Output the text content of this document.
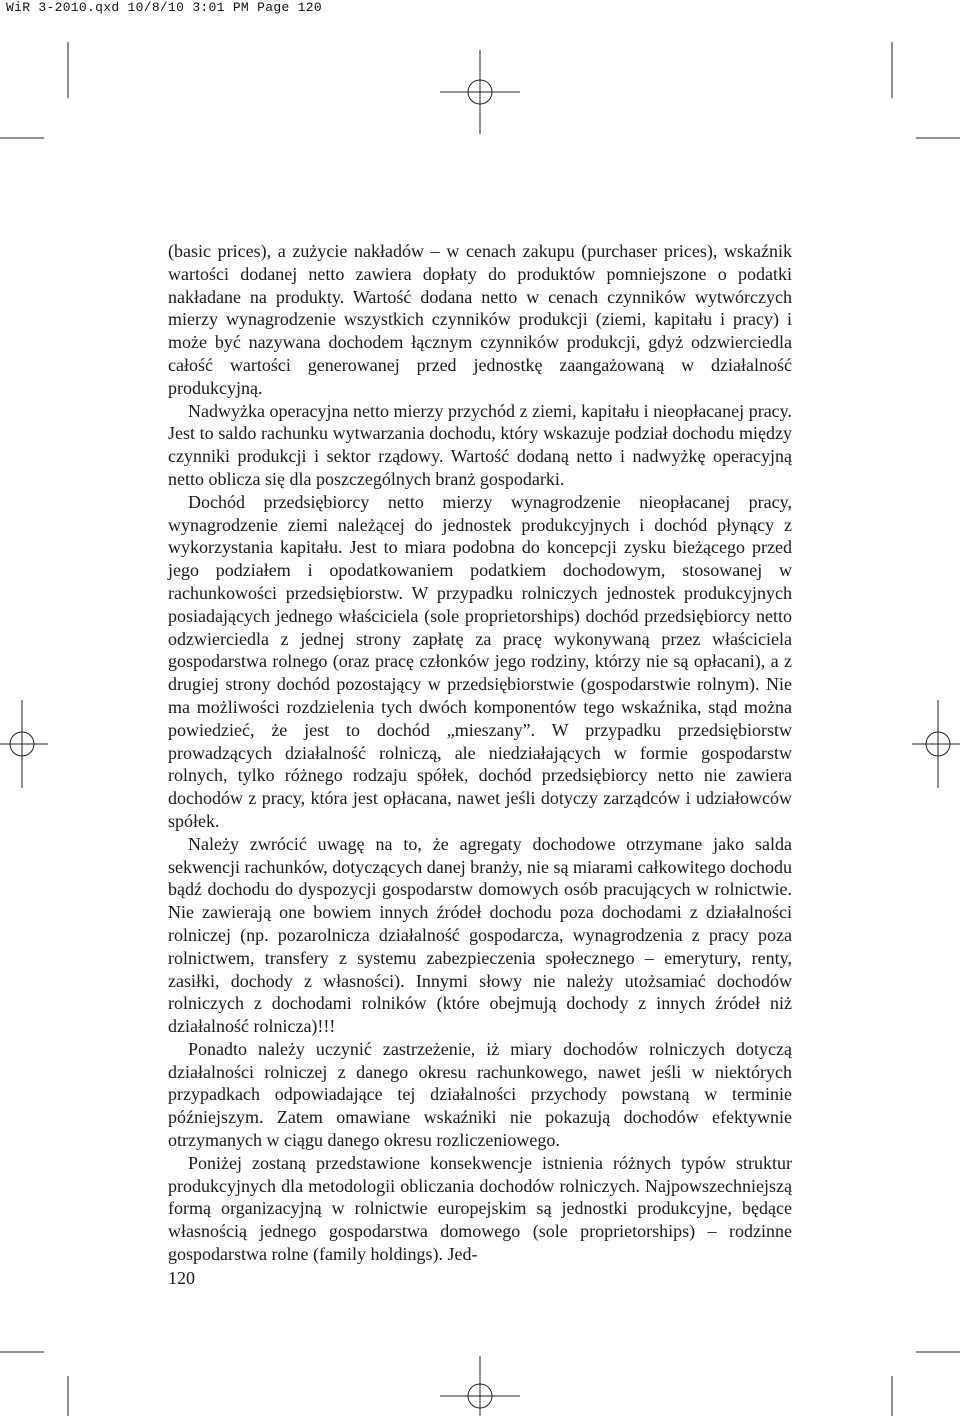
WiR 3-2010.qxd 10/8/10 3:01 PM Page 120

(basic prices), a zużycie nakładów – w cenach zakupu (purchaser prices), wskaźnik wartości dodanej netto zawiera dopłaty do produktów pomniejszone o podatki nakładane na produkty. Wartość dodana netto w cenach czynników wytwórczych mierzy wynagrodzenie wszystkich czynników produkcji (ziemi, kapitału i pracy) i może być nazywana dochodem łącznym czynników produkcji, gdyż odzwierciedla całość wartości generowanej przed jednostkę zaangażowaną w działalność produkcyjną.

Nadwyżka operacyjna netto mierzy przychód z ziemi, kapitału i nieopłacanej pracy. Jest to saldo rachunku wytwarzania dochodu, który wskazuje podział dochodu między czynniki produkcji i sektor rządowy. Wartość dodaną netto i nadwyżkę operacyjną netto oblicza się dla poszczególnych branż gospodarki.

Dochód przedsiębiorcy netto mierzy wynagrodzenie nieopłacanej pracy, wynagrodzenie ziemi należącej do jednostek produkcyjnych i dochód płynący z wykorzystania kapitału. Jest to miara podobna do koncepcji zysku bieżącego przed jego podziałem i opodatkowaniem podatkiem dochodowym, stosowanej w rachunkowości przedsiębiorstw. W przypadku rolniczych jednostek produkcyjnych posiadających jednego właściciela (sole proprietorships) dochód przedsiębiorcy netto odzwierciedla z jednej strony zapłatę za pracę wykonywaną przez właściciela gospodarstwa rolnego (oraz pracę członków jego rodziny, którzy nie są opłacani), a z drugiej strony dochód pozostający w przedsiębiorstwie (gospodarstwie rolnym). Nie ma możliwości rozdzielenia tych dwóch komponentów tego wskaźnika, stąd można powiedzieć, że jest to dochód „mieszany”. W przypadku przedsiębiorstw prowadzących działalność rolniczą, ale niedziałających w formie gospodarstw rolnych, tylko różnego rodzaju spółek, dochód przedsiębiorcy netto nie zawiera dochodów z pracy, która jest opłacana, nawet jeśli dotyczy zarządców i udziałowców spółek.

Należy zwrócić uwagę na to, że agregaty dochodowe otrzymane jako salda sekwencji rachunków, dotyczących danej branży, nie są miarami całkowitego dochodu bądź dochodu do dyspozycji gospodarstw domowych osób pracujących w rolnictwie. Nie zawierają one bowiem innych źródeł dochodu poza dochodami z działalności rolniczej (np. pozarolnicza działalność gospodarcza, wynagrodzenia z pracy poza rolnictwem, transfery z systemu zabezpieczenia społecznego – emerytury, renty, zasiłki, dochody z własności). Innymi słowy nie należy utożsamiać dochodów rolniczych z dochodami rolników (które obejmują dochody z innych źródeł niż działalność rolnicza)!!!

Ponadto należy uczynić zastrzeżenie, iż miary dochodów rolniczych dotyczą działalności rolniczej z danego okresu rachunkowego, nawet jeśli w niektórych przypadkach odpowiadające tej działalności przychody powstaną w terminie późniejszym. Zatem omawiane wskaźniki nie pokazują dochodów efektywnie otrzymanych w ciągu danego okresu rozliczeniowego.

Poniżej zostaną przedstawione konsekwencje istnienia różnych typów struktur produkcyjnych dla metodologii obliczania dochodów rolniczych. Najpowszechniejszą formą organizacyjną w rolnictwie europejskim są jednostki produkcyjne, będące własnością jednego gospodarstwa domowego (sole proprietorships) – rodzinne gospodarstwa rolne (family holdings). Jed-

120
